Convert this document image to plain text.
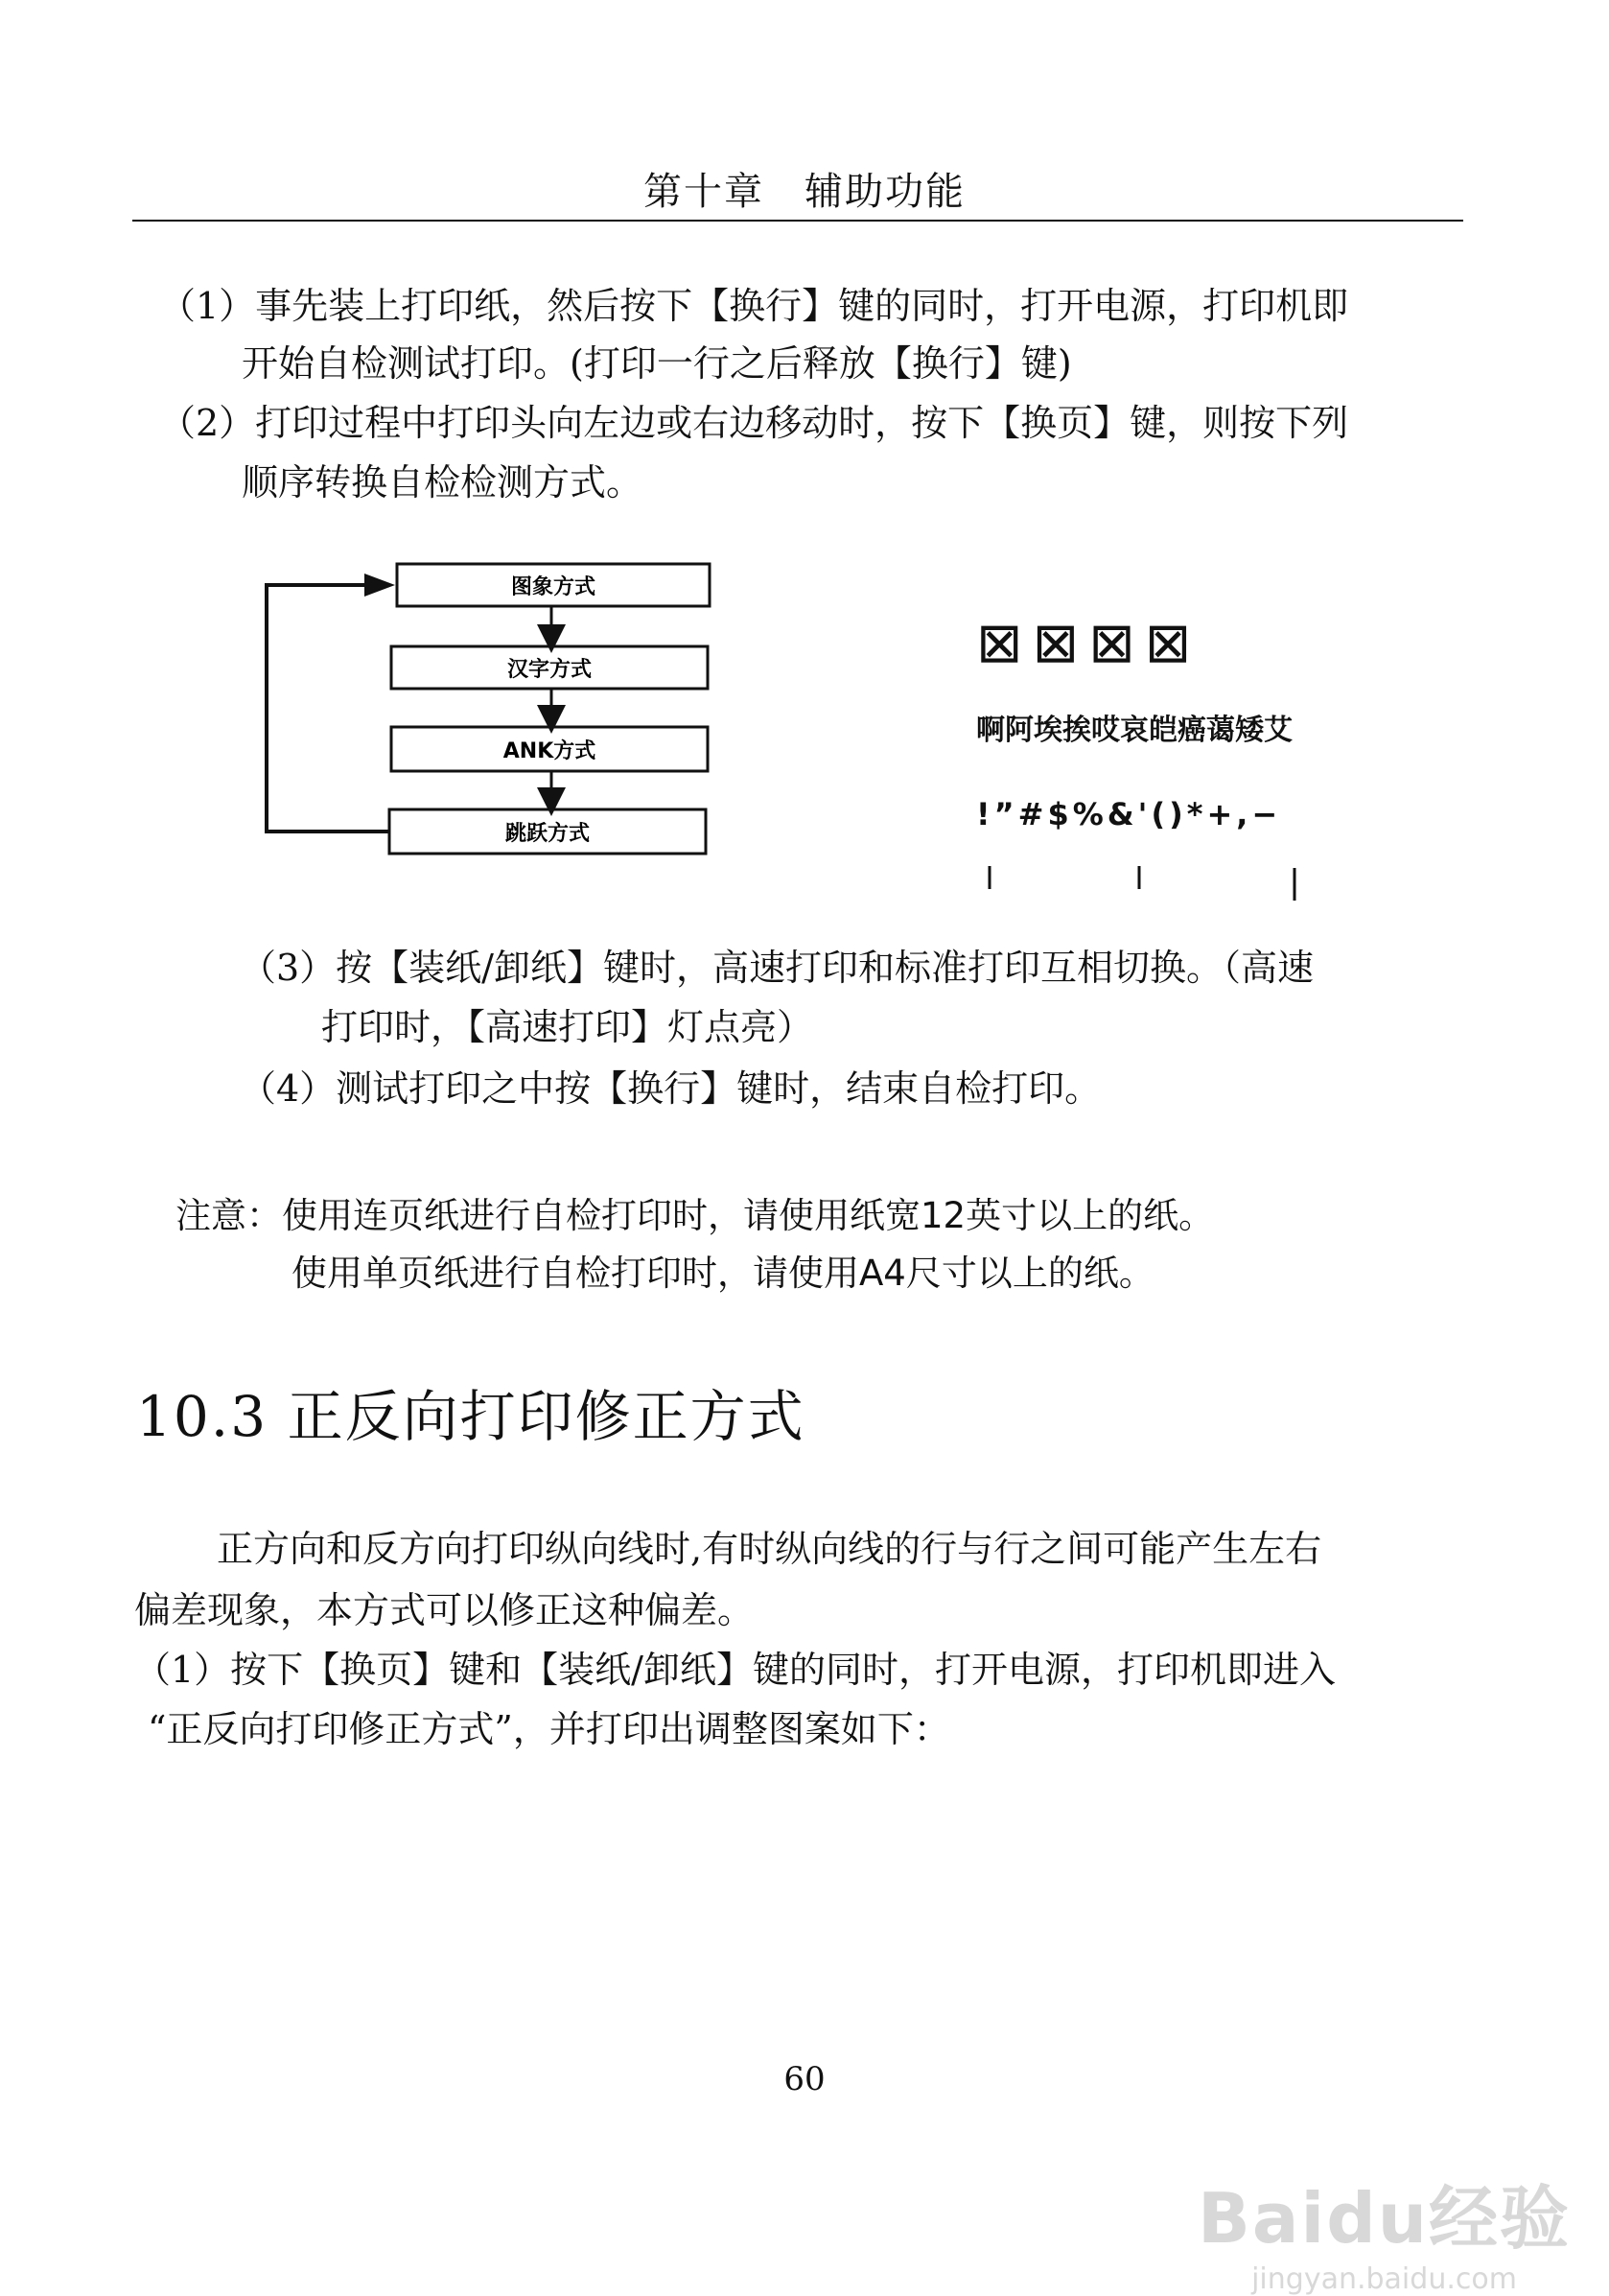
第十章　辅助功能
（1）事先装上打印纸，然后按下【换行】键的同时，打开电源，打印机即
开始自检测试打印。(打印一行之后释放【换行】键)
（2）打印过程中打印头向左边或右边移动时，按下【换页】键，则按下列
顺序转换自检检测方式。
图象方式
汉字方式
ANK方式
跳跃方式
⊠⊠⊠⊠
啊阿埃挨哎哀皑癌蔼矮艾
!”#$%&'()*+,−
（3）按【装纸/卸纸】键时，高速打印和标准打印互相切换。（高速
打印时，【高速打印】灯点亮）
（4）测试打印之中按【换行】键时，结束自检打印。
注意：使用连页纸进行自检打印时，请使用纸宽12英寸以上的纸。
使用单页纸进行自检打印时，请使用A4尺寸以上的纸。
10.3 正反向打印修正方式
正方向和反方向打印纵向线时,有时纵向线的行与行之间可能产生左右
偏差现象，本方式可以修正这种偏差。
（1）按下【换页】键和【装纸/卸纸】键的同时，打开电源，打印机即进入
“正反向打印修正方式”，并打印出调整图案如下：
60
Baidu经验
jingyan.baidu.com
